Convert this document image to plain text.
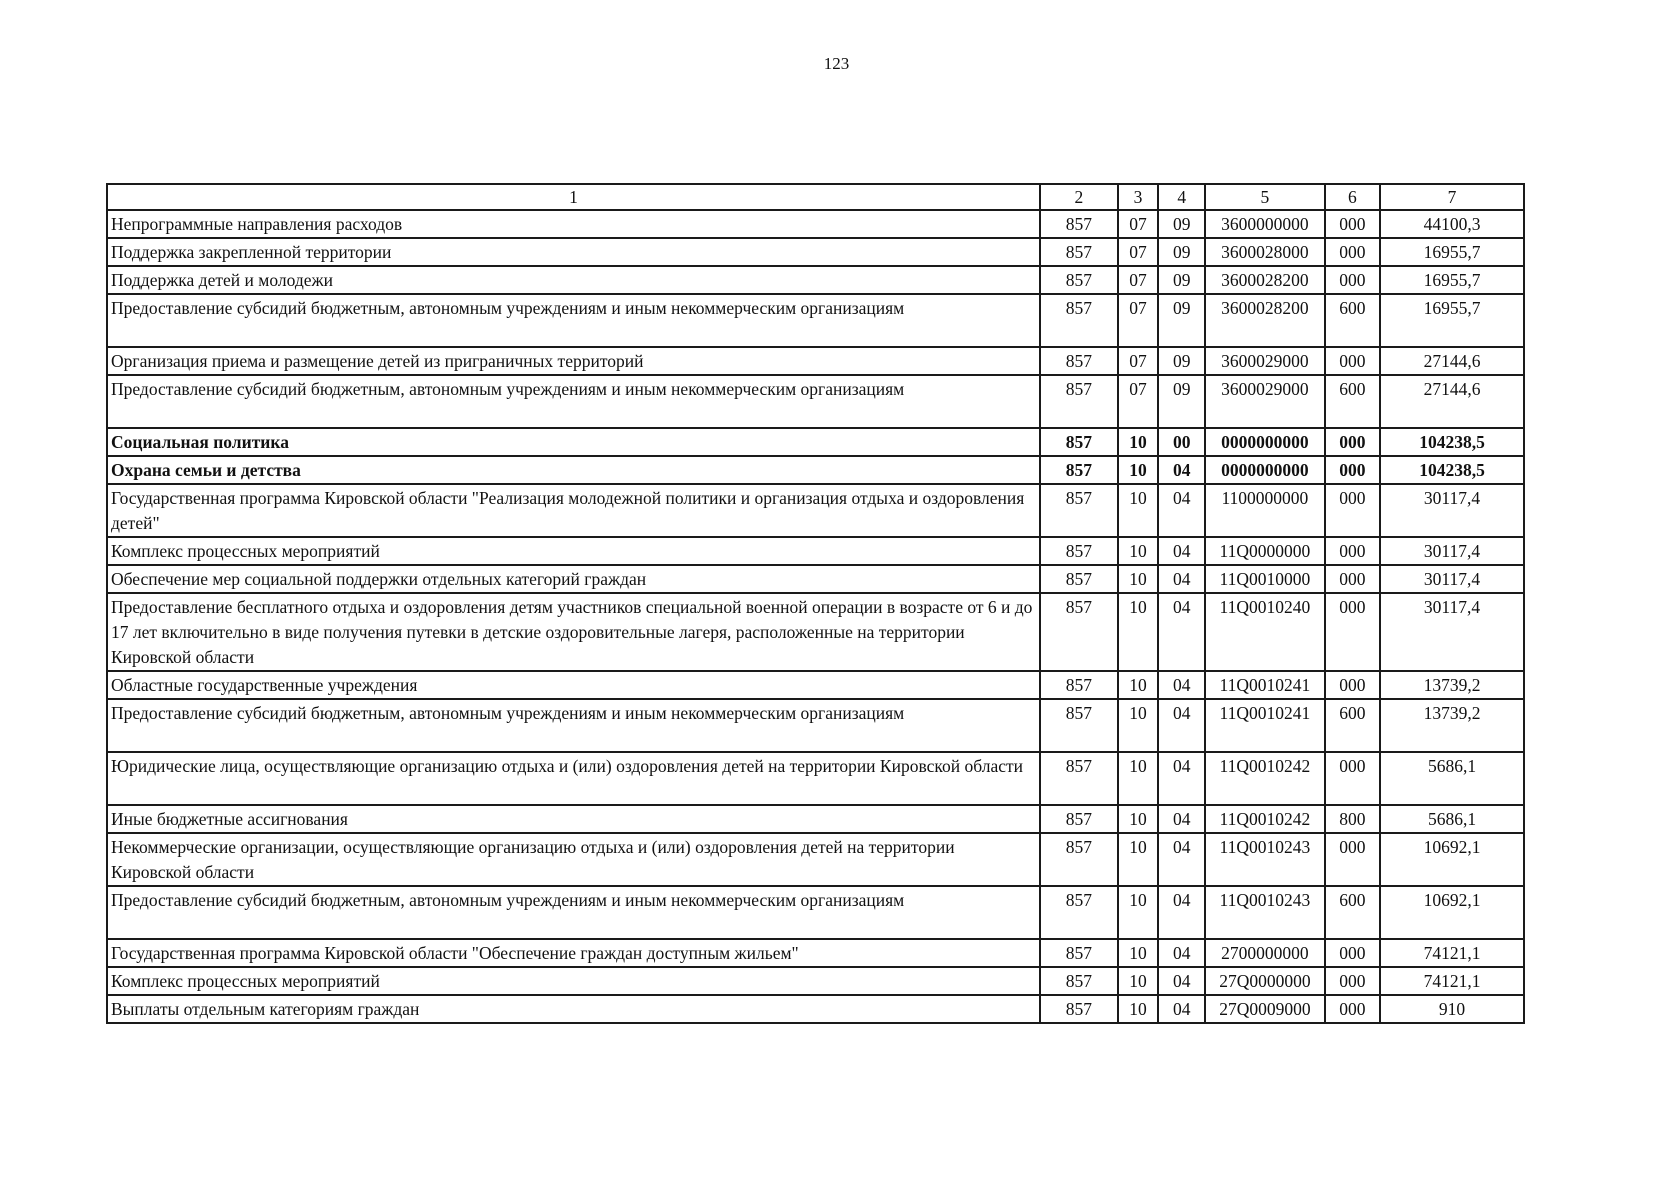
123
1	2	3	4	5	6	7
Непрограммные направления расходов	857	07	09	3600000000	000	44100,3
Поддержка закрепленной территории	857	07	09	3600028000	000	16955,7
Поддержка детей и молодежи	857	07	09	3600028200	000	16955,7
Предоставление субсидий бюджетным, автономным учреждениям и иным некоммерческим организациям	857	07	09	3600028200	600	16955,7
Организация приема и размещение детей из приграничных территорий	857	07	09	3600029000	000	27144,6
Предоставление субсидий бюджетным, автономным учреждениям и иным некоммерческим организациям	857	07	09	3600029000	600	27144,6
Социальная политика	857	10	00	0000000000	000	104238,5
Охрана семьи и детства	857	10	04	0000000000	000	104238,5
Государственная программа Кировской области "Реализация молодежной политики и организация отдыха и оздоровления детей"	857	10	04	1100000000	000	30117,4
Комплекс процессных мероприятий	857	10	04	11Q0000000	000	30117,4
Обеспечение мер социальной поддержки отдельных категорий граждан	857	10	04	11Q0010000	000	30117,4
Предоставление бесплатного отдыха и оздоровления детям участников специальной военной операции в возрасте от 6 и до 17 лет включительно в виде получения путевки в детские оздоровительные лагеря, расположенные на территории Кировской области	857	10	04	11Q0010240	000	30117,4
Областные государственные учреждения	857	10	04	11Q0010241	000	13739,2
Предоставление субсидий бюджетным, автономным учреждениям и иным некоммерческим организациям	857	10	04	11Q0010241	600	13739,2
Юридические лица, осуществляющие организацию отдыха и (или) оздоровления детей на территории Кировской области	857	10	04	11Q0010242	000	5686,1
Иные бюджетные ассигнования	857	10	04	11Q0010242	800	5686,1
Некоммерческие организации, осуществляющие организацию отдыха и (или) оздоровления детей на территории Кировской области	857	10	04	11Q0010243	000	10692,1
Предоставление субсидий бюджетным, автономным учреждениям и иным некоммерческим организациям	857	10	04	11Q0010243	600	10692,1
Государственная программа Кировской области "Обеспечение граждан доступным жильем"	857	10	04	2700000000	000	74121,1
Комплекс процессных мероприятий	857	10	04	27Q0000000	000	74121,1
Выплаты отдельным категориям граждан	857	10	04	27Q0009000	000	910
